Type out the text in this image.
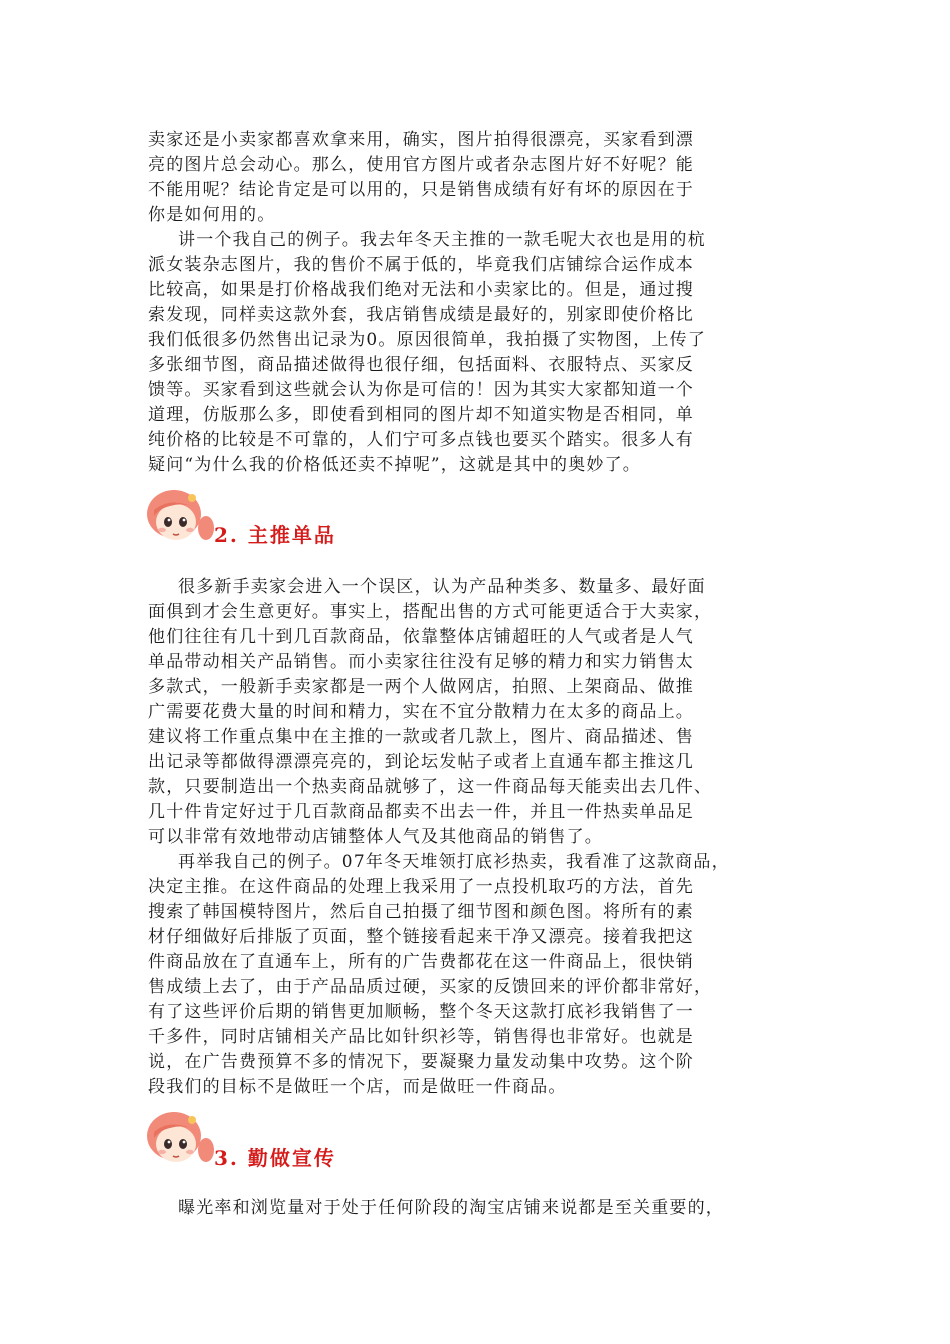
卖家还是小卖家都喜欢拿来用，确实，图片拍得很漂亮，买家看到漂
亮的图片总会动心。那么，使用官方图片或者杂志图片好不好呢？能
不能用呢？结论肯定是可以用的，只是销售成绩有好有坏的原因在于
你是如何用的。
讲一个我自己的例子。我去年冬天主推的一款毛呢大衣也是用的杭
派女装杂志图片，我的售价不属于低的，毕竟我们店铺综合运作成本
比较高，如果是打价格战我们绝对无法和小卖家比的。但是，通过搜
索发现，同样卖这款外套，我店销售成绩是最好的，别家即使价格比
我们低很多仍然售出记录为0。原因很简单，我拍摄了实物图，上传了
多张细节图，商品描述做得也很仔细，包括面料、衣服特点、买家反
馈等。买家看到这些就会认为你是可信的！因为其实大家都知道一个
道理，仿版那么多，即使看到相同的图片却不知道实物是否相同，单
纯价格的比较是不可靠的，人们宁可多点钱也要买个踏实。很多人有
疑问“为什么我的价格低还卖不掉呢”，这就是其中的奥妙了。
2. 主推单品
很多新手卖家会进入一个误区，认为产品种类多、数量多、最好面
面俱到才会生意更好。事实上，搭配出售的方式可能更适合于大卖家，
他们往往有几十到几百款商品，依靠整体店铺超旺的人气或者是人气
单品带动相关产品销售。而小卖家往往没有足够的精力和实力销售太
多款式，一般新手卖家都是一两个人做网店，拍照、上架商品、做推
广需要花费大量的时间和精力，实在不宜分散精力在太多的商品上。
建议将工作重点集中在主推的一款或者几款上，图片、商品描述、售
出记录等都做得漂漂亮亮的，到论坛发帖子或者上直通车都主推这几
款，只要制造出一个热卖商品就够了，这一件商品每天能卖出去几件、
几十件肯定好过于几百款商品都卖不出去一件，并且一件热卖单品足
可以非常有效地带动店铺整体人气及其他商品的销售了。
再举我自己的例子。07年冬天堆领打底衫热卖，我看准了这款商品，
决定主推。在这件商品的处理上我采用了一点投机取巧的方法，首先
搜索了韩国模特图片，然后自己拍摄了细节图和颜色图。将所有的素
材仔细做好后排版了页面，整个链接看起来干净又漂亮。接着我把这
件商品放在了直通车上，所有的广告费都花在这一件商品上，很快销
售成绩上去了，由于产品品质过硬，买家的反馈回来的评价都非常好，
有了这些评价后期的销售更加顺畅，整个冬天这款打底衫我销售了一
千多件，同时店铺相关产品比如针织衫等，销售得也非常好。也就是
说，在广告费预算不多的情况下，要凝聚力量发动集中攻势。这个阶
段我们的目标不是做旺一个店，而是做旺一件商品。
3. 勤做宣传
曝光率和浏览量对于处于任何阶段的淘宝店铺来说都是至关重要的，
